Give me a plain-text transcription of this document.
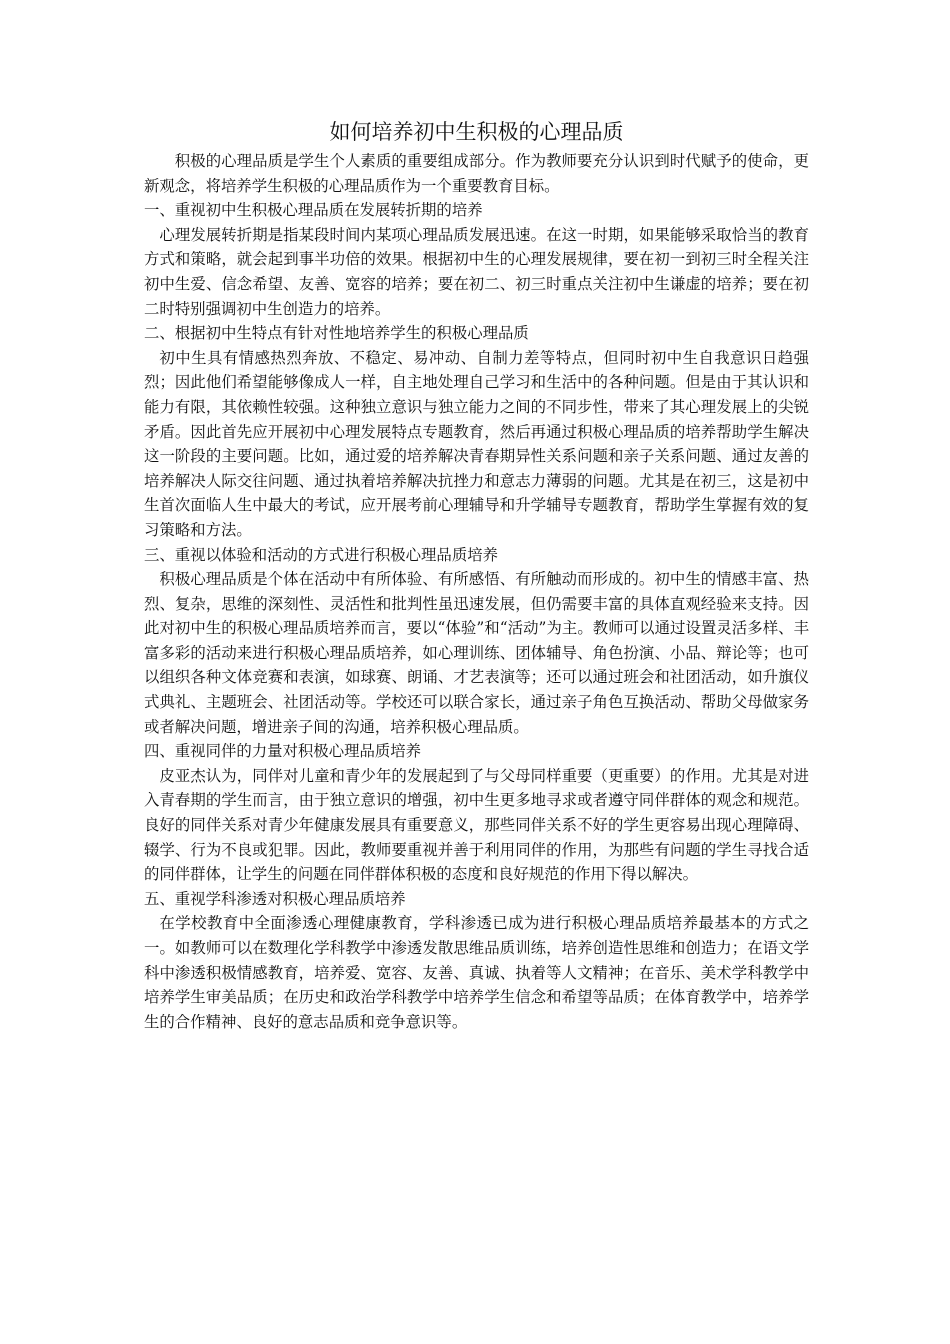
如何培养初中生积极的心理品质

积极的心理品质是学生个人素质的重要组成部分。作为教师要充分认识到时代赋予的使命，更新观念，将培养学生积极的心理品质作为一个重要教育目标。

一、重视初中生积极心理品质在发展转折期的培养

心理发展转折期是指某段时间内某项心理品质发展迅速。在这一时期，如果能够采取恰当的教育方式和策略，就会起到事半功倍的效果。根据初中生的心理发展规律，要在初一到初三时全程关注初中生爱、信念希望、友善、宽容的培养；要在初二、初三时重点关注初中生谦虚的培养；要在初二时特别强调初中生创造力的培养。

二、根据初中生特点有针对性地培养学生的积极心理品质

初中生具有情感热烈奔放、不稳定、易冲动、自制力差等特点，但同时初中生自我意识日趋强烈；因此他们希望能够像成人一样，自主地处理自己学习和生活中的各种问题。但是由于其认识和能力有限，其依赖性较强。这种独立意识与独立能力之间的不同步性，带来了其心理发展上的尖锐矛盾。因此首先应开展初中心理发展特点专题教育，然后再通过积极心理品质的培养帮助学生解决这一阶段的主要问题。比如，通过爱的培养解决青春期异性关系问题和亲子关系问题、通过友善的培养解决人际交往问题、通过执着培养解决抗挫力和意志力薄弱的问题。尤其是在初三，这是初中生首次面临人生中最大的考试，应开展考前心理辅导和升学辅导专题教育，帮助学生掌握有效的复习策略和方法。

三、重视以体验和活动的方式进行积极心理品质培养

积极心理品质是个体在活动中有所体验、有所感悟、有所触动而形成的。初中生的情感丰富、热烈、复杂，思维的深刻性、灵活性和批判性虽迅速发展，但仍需要丰富的具体直观经验来支持。因此对初中生的积极心理品质培养而言，要以“体验”和“活动”为主。教师可以通过设置灵活多样、丰富多彩的活动来进行积极心理品质培养，如心理训练、团体辅导、角色扮演、小品、辩论等；也可以组织各种文体竞赛和表演，如球赛、朗诵、才艺表演等；还可以通过班会和社团活动，如升旗仪式典礼、主题班会、社团活动等。学校还可以联合家长，通过亲子角色互换活动、帮助父母做家务或者解决问题，增进亲子间的沟通，培养积极心理品质。

四、重视同伴的力量对积极心理品质培养

皮亚杰认为，同伴对儿童和青少年的发展起到了与父母同样重要（更重要）的作用。尤其是对进入青春期的学生而言，由于独立意识的增强，初中生更多地寻求或者遵守同伴群体的观念和规范。良好的同伴关系对青少年健康发展具有重要意义，那些同伴关系不好的学生更容易出现心理障碍、辍学、行为不良或犯罪。因此，教师要重视并善于利用同伴的作用，为那些有问题的学生寻找合适的同伴群体，让学生的问题在同伴群体积极的态度和良好规范的作用下得以解决。

五、重视学科渗透对积极心理品质培养

在学校教育中全面渗透心理健康教育，学科渗透已成为进行积极心理品质培养最基本的方式之一。如教师可以在数理化学科教学中渗透发散思维品质训练，培养创造性思维和创造力；在语文学科中渗透积极情感教育，培养爱、宽容、友善、真诚、执着等人文精神；在音乐、美术学科教学中培养学生审美品质；在历史和政治学科教学中培养学生信念和希望等品质；在体育教学中，培养学生的合作精神、良好的意志品质和竞争意识等。
